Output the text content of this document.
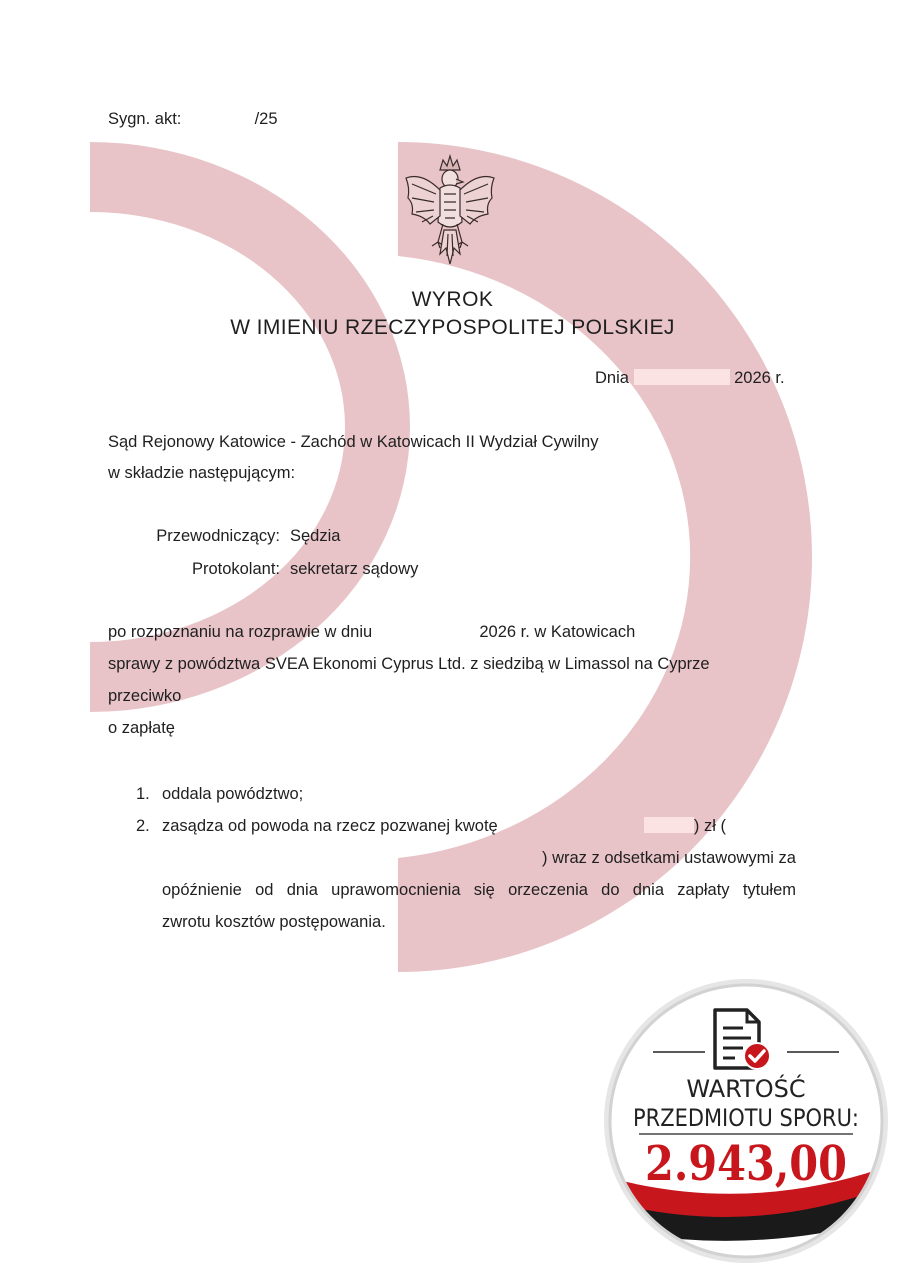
Sygn. akt:	/25
WYROK
W IMIENIU RZECZYPOSPOLITEJ POLSKIEJ
Dnia	2026 r.
Sąd Rejonowy Katowice - Zachód w Katowicach II Wydział Cywilny
w składzie następującym:
Przewodniczący: Sędzia
Protokolant: sekretarz sądowy
po rozpoznaniu na rozprawie w dniu	2026 r. w Katowicach
sprawy z powództwa SVEA Ekonomi Cyprus Ltd. z siedzibą w Limassol na Cyprze
przeciwko
o zapłatę
1. oddala powództwo;
2. zasądza od powoda na rzecz pozwanej kwotę	) zł (
) wraz z odsetkami ustawowymi za
opóźnienie od dnia uprawomocnienia się orzeczenia do dnia zapłaty tytułem
zwrotu kosztów postępowania.
WARTOŚĆ
PRZEDMIOTU SPORU:
2.943,00
